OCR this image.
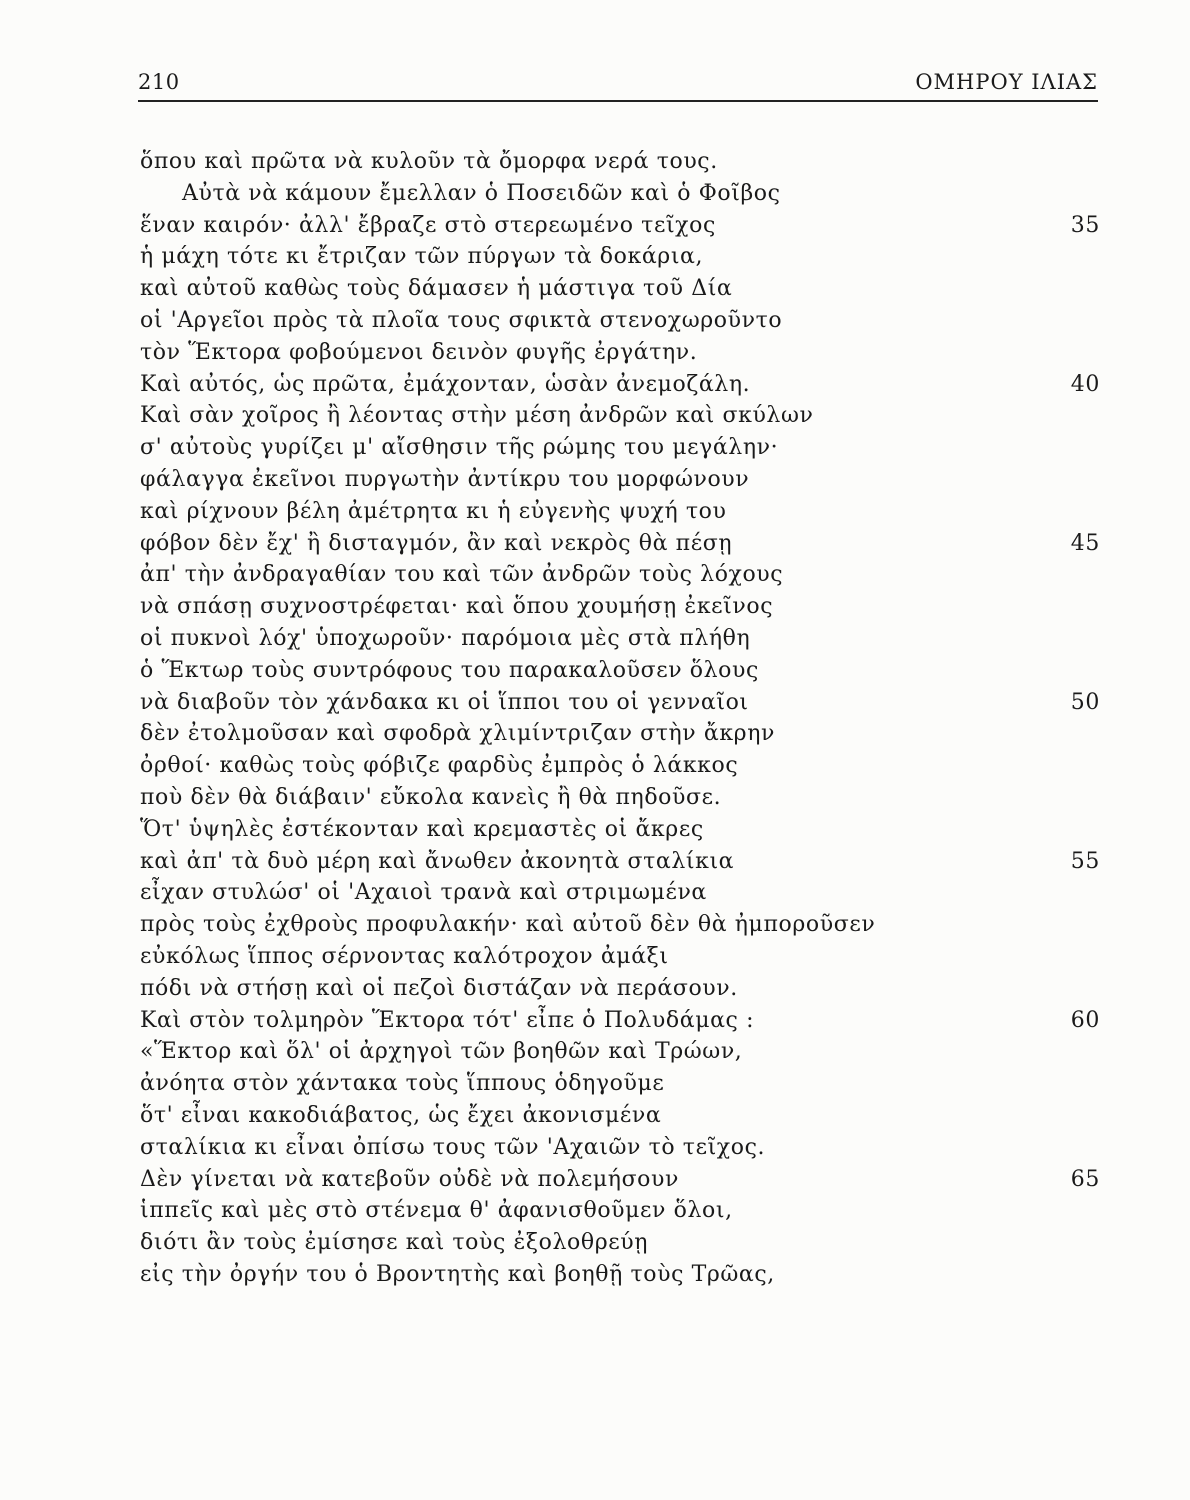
210	ΟΜΗΡΟΥ ΙΛΙΑΣ
ὅπου καὶ πρῶτα νὰ κυλοῦν τὰ ὄμορφα νερά τους.
Αὐτὰ νὰ κάμουν ἔμελλαν ὁ Ποσειδῶν καὶ ὁ Φοῖβος
ἕναν καιρόν· ἀλλ' ἔβραζε στὸ στερεωμένο τεῖχος	35
ἡ μάχη τότε κι ἔτριζαν τῶν πύργων τὰ δοκάρια,
καὶ αὐτοῦ καθὼς τοὺς δάμασεν ἡ μάστιγα τοῦ Δία
οἱ 'Αργεῖοι πρὸς τὰ πλοῖα τους σφικτὰ στενοχωροῦντο
τὸν Ἕκτορα φοβούμενοι δεινὸν φυγῆς ἐργάτην.
Καὶ αὐτός, ὡς πρῶτα, ἐμάχονταν, ὡσὰν ἀνεμοζάλη.	40
Καὶ σὰν χοῖρος ἢ λέοντας στὴν μέση ἀνδρῶν καὶ σκύλων
σ' αὐτοὺς γυρίζει μ' αἴσθησιν τῆς ρώμης του μεγάλην·
φάλαγγα ἐκεῖνοι πυργωτὴν ἀντίκρυ του μορφώνουν
καὶ ρίχνουν βέλη ἀμέτρητα κι ἡ εὐγενὴς ψυχή του
φόβον δὲν ἔχ' ἢ δισταγμόν, ἂν καὶ νεκρὸς θὰ πέσῃ	45
ἀπ' τὴν ἀνδραγαθίαν του καὶ τῶν ἀνδρῶν τοὺς λόχους
νὰ σπάσῃ συχνοστρέφεται· καὶ ὅπου χουμήσῃ ἐκεῖνος
οἱ πυκνοὶ λόχ' ὑποχωροῦν· παρόμοια μὲς στὰ πλήθη
ὁ Ἕκτωρ τοὺς συντρόφους του παρακαλοῦσεν ὅλους
νὰ διαβοῦν τὸν χάνδακα κι οἱ ἵπποι του οἱ γενναῖοι	50
δὲν ἐτολμοῦσαν καὶ σφοδρὰ χλιμίντριζαν στὴν ἄκρην
ὀρθοί· καθὼς τοὺς φόβιζε φαρδὺς ἐμπρὸς ὁ λάκκος
ποὺ δὲν θὰ διάβαιν' εὔκολα κανεὶς ἢ θὰ πηδοῦσε.
Ὅτ' ὑψηλὲς ἐστέκονταν καὶ κρεμαστὲς οἱ ἄκρες
καὶ ἀπ' τὰ δυὸ μέρη καὶ ἄνωθεν ἀκονητὰ σταλίκια	55
εἶχαν στυλώσ' οἱ 'Αχαιοὶ τρανὰ καὶ στριμωμένα
πρὸς τοὺς ἐχθροὺς προφυλακήν· καὶ αὐτοῦ δὲν θὰ ἠμποροῦσεν
εὐκόλως ἵππος σέρνοντας καλότροχον ἀμάξι
πόδι νὰ στήσῃ καὶ οἱ πεζοὶ διστάζαν νὰ περάσουν.
Καὶ στὸν τολμηρὸν Ἕκτορα τότ' εἶπε ὁ Πολυδάμας :	60
«Ἕκτορ καὶ ὅλ' οἱ ἀρχηγοὶ τῶν βοηθῶν καὶ Τρώων,
ἀνόητα στὸν χάντακα τοὺς ἵππους ὁδηγοῦμε
ὅτ' εἶναι κακοδιάβατος, ὡς ἔχει ἀκονισμένα
σταλίκια κι εἶναι ὀπίσω τους τῶν 'Αχαιῶν τὸ τεῖχος.
Δὲν γίνεται νὰ κατεβοῦν οὐδὲ νὰ πολεμήσουν	65
ἱππεῖς καὶ μὲς στὸ στένεμα θ' ἀφανισθοῦμεν ὅλοι,
διότι ἂν τοὺς ἐμίσησε καὶ τοὺς ἐξολοθρεύῃ
εἰς τὴν ὀργήν του ὁ Βροντητὴς καὶ βοηθῇ τοὺς Τρῶας,
